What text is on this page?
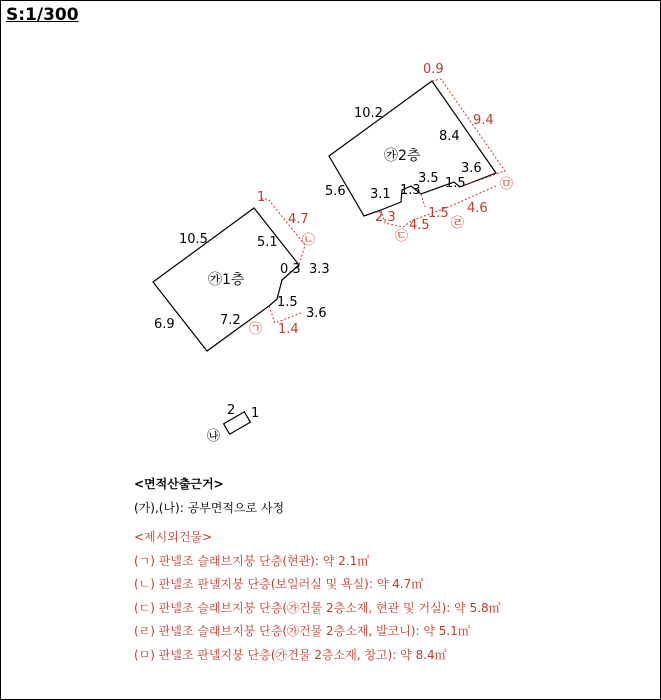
S:1/300
㉮1층
㉮2층
㉯
2 1
10.5	5.1
0.3 3.3
6.9	7.2
1.5
3.6
1
4.7
1.4
㉡
㉠
10.2
8.4
5.6 3.1 1.3
3.5 1.5
3.6
0.9
9.4
2.3
4.5
1.5 4.6
㉢
㉣
㉤
<면적산출근거>
(가),(나): 공부면적으로 사정
<제시외건물>
(ㄱ) 판넬조 슬래브지붕 단층(현관): 약 2.1㎡
(ㄴ) 판넬조 판넬지붕 단층(보일러실 및 욕실): 약 4.7㎡
(ㄷ) 판넬조 슬래브지붕 단층(㉮건물 2층소재, 현관 및 거실): 약 5.8㎡
(ㄹ) 판넬조 슬래브지붕 단층(㉮건물 2층소재, 발코니): 약 5.1㎡
(ㅁ) 판넬조 판넬지붕 단층(㉮건물 2층소재, 창고): 약 8.4㎡
